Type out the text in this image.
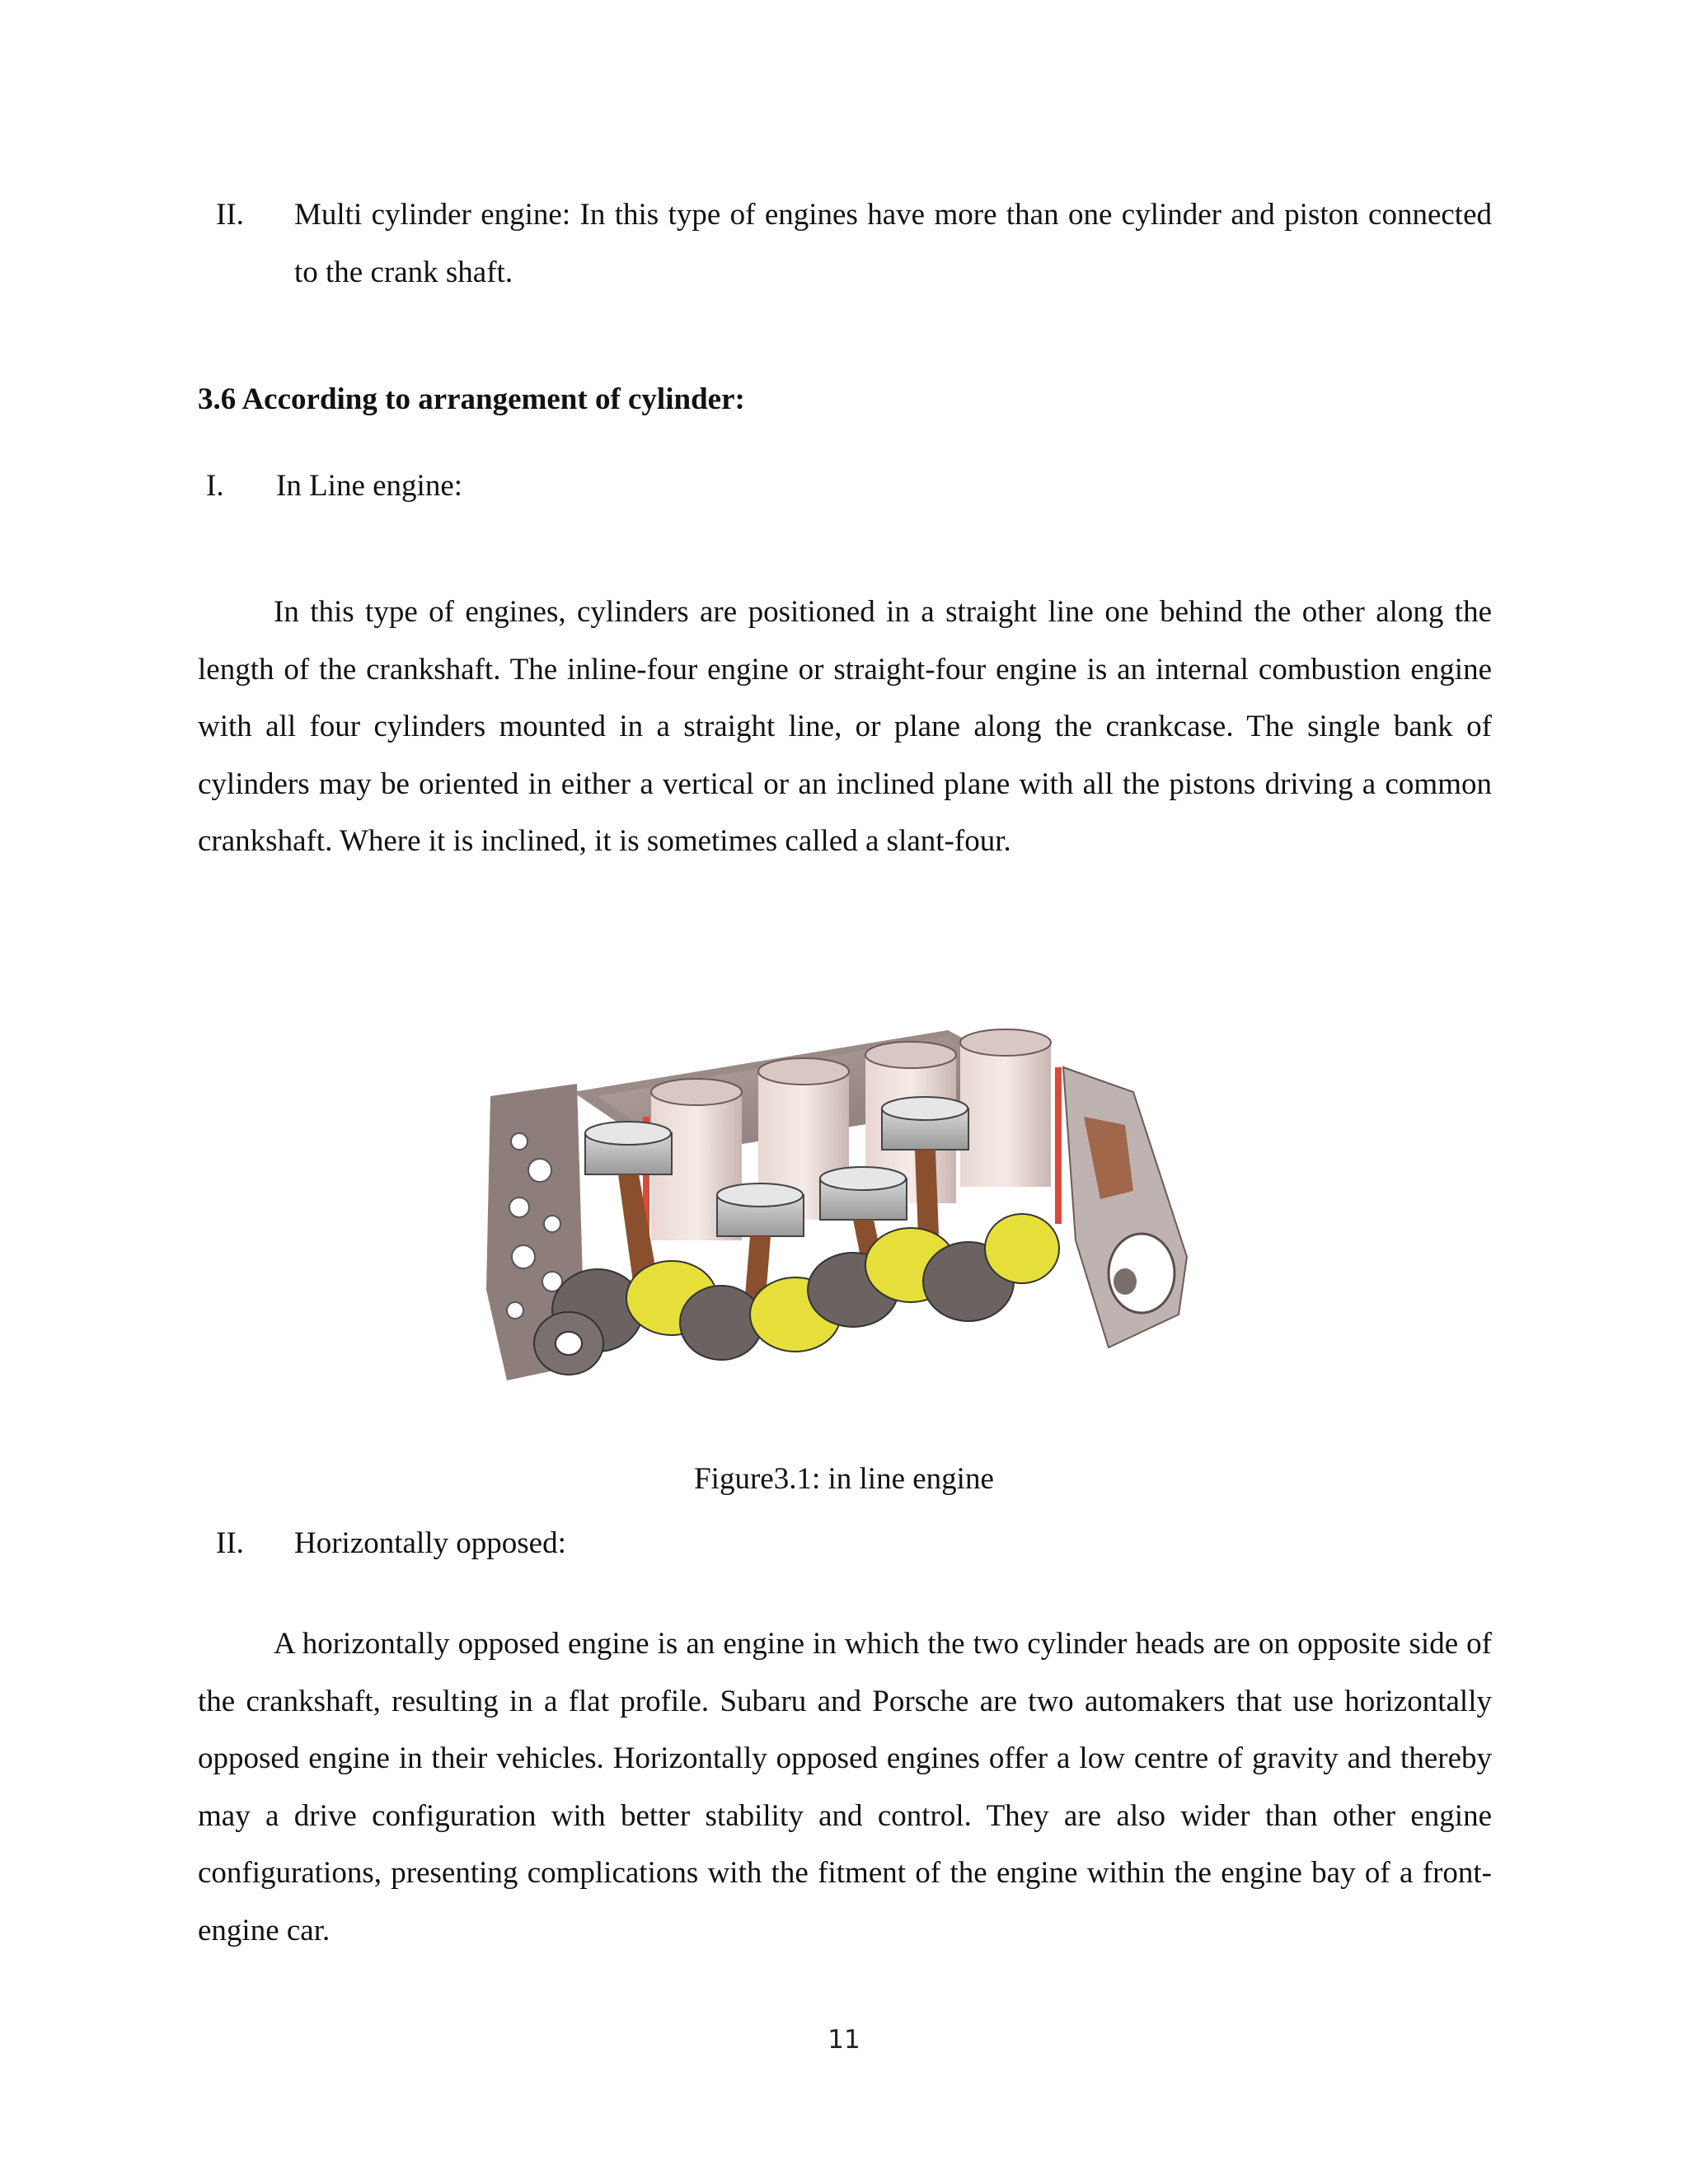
II. Multi cylinder engine: In this type of engines have more than one cylinder and piston connected to the crank shaft.
3.6 According to arrangement of cylinder:
I. In Line engine:

In this type of engines, cylinders are positioned in a straight line one behind the other along the length of the crankshaft. The inline-four engine or straight-four engine is an internal combustion engine with all four cylinders mounted in a straight line, or plane along the crankcase. The single bank of cylinders may be oriented in either a vertical or an inclined plane with all the pistons driving a common crankshaft. Where it is inclined, it is sometimes called a slant-four.

Figure3.1: in line engine

II. Horizontally opposed:

A horizontally opposed engine is an engine in which the two cylinder heads are on opposite side of the crankshaft, resulting in a flat profile. Subaru and Porsche are two automakers that use horizontally opposed engine in their vehicles. Horizontally opposed engines offer a low centre of gravity and thereby may a drive configuration with better stability and control. They are also wider than other engine configurations, presenting complications with the fitment of the engine within the engine bay of a front-engine car.

11
